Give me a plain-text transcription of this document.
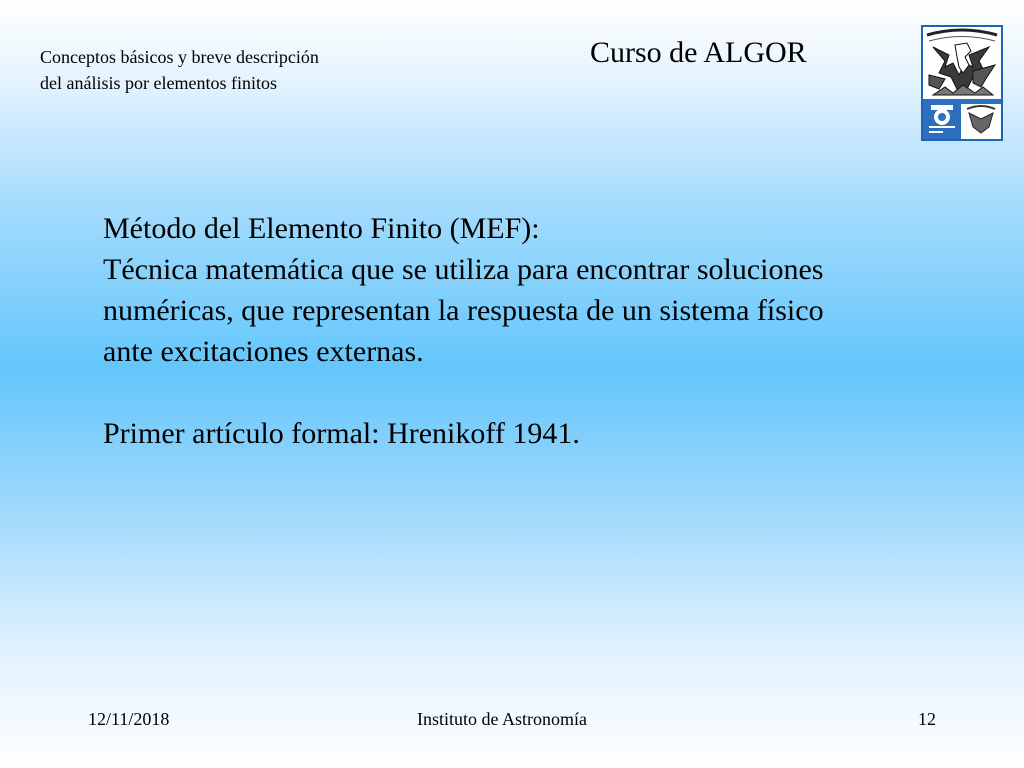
Conceptos básicos y breve descripción
del análisis por elementos finitos
Curso de ALGOR

Método del Elemento Finito (MEF):

Técnica matemática que se utiliza para encontrar soluciones

numéricas, que representan la respuesta de un sistema físico

ante excitaciones externas.

Primer artículo formal: Hrenikoff 1941.

12/11/2018	Instituto de Astronomía	12
